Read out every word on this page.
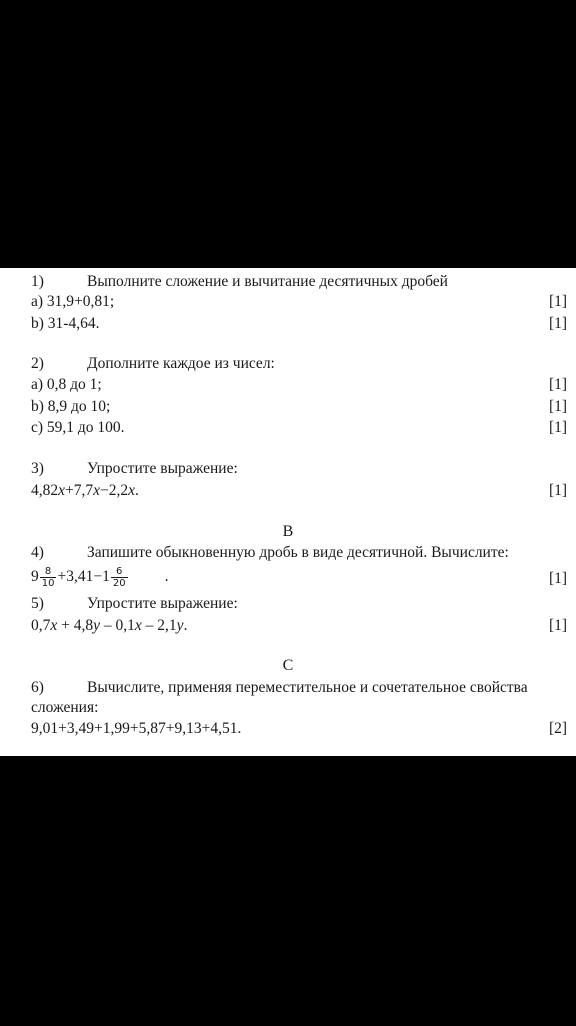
1)	Выполните сложение и вычитание десятичных дробей
a) 31,9+0,81;	[1]
b) 31-4,64.	[1]
2)	Дополните каждое из чисел:
a) 0,8 до 1;	[1]
b) 8,9 до 10;	[1]
c) 59,1 до 100.	[1]
3)	Упростите выражение:
4,82x+7,7x−2,2x.	[1]
B
4)	Запишите обыкновенную дробь в виде десятичной. Вычислите:
$9 \frac{8}{10} +3,41-1 \frac{6}{20}$ .	[1]
5)	Упростите выражение:
0,7x + 4,8y – 0,1x – 2,1y.	[1]
C
6)	Вычислите, применяя переместительное и сочетательное свойства
сложения:
9,01+3,49+1,99+5,87+9,13+4,51.	[2]
